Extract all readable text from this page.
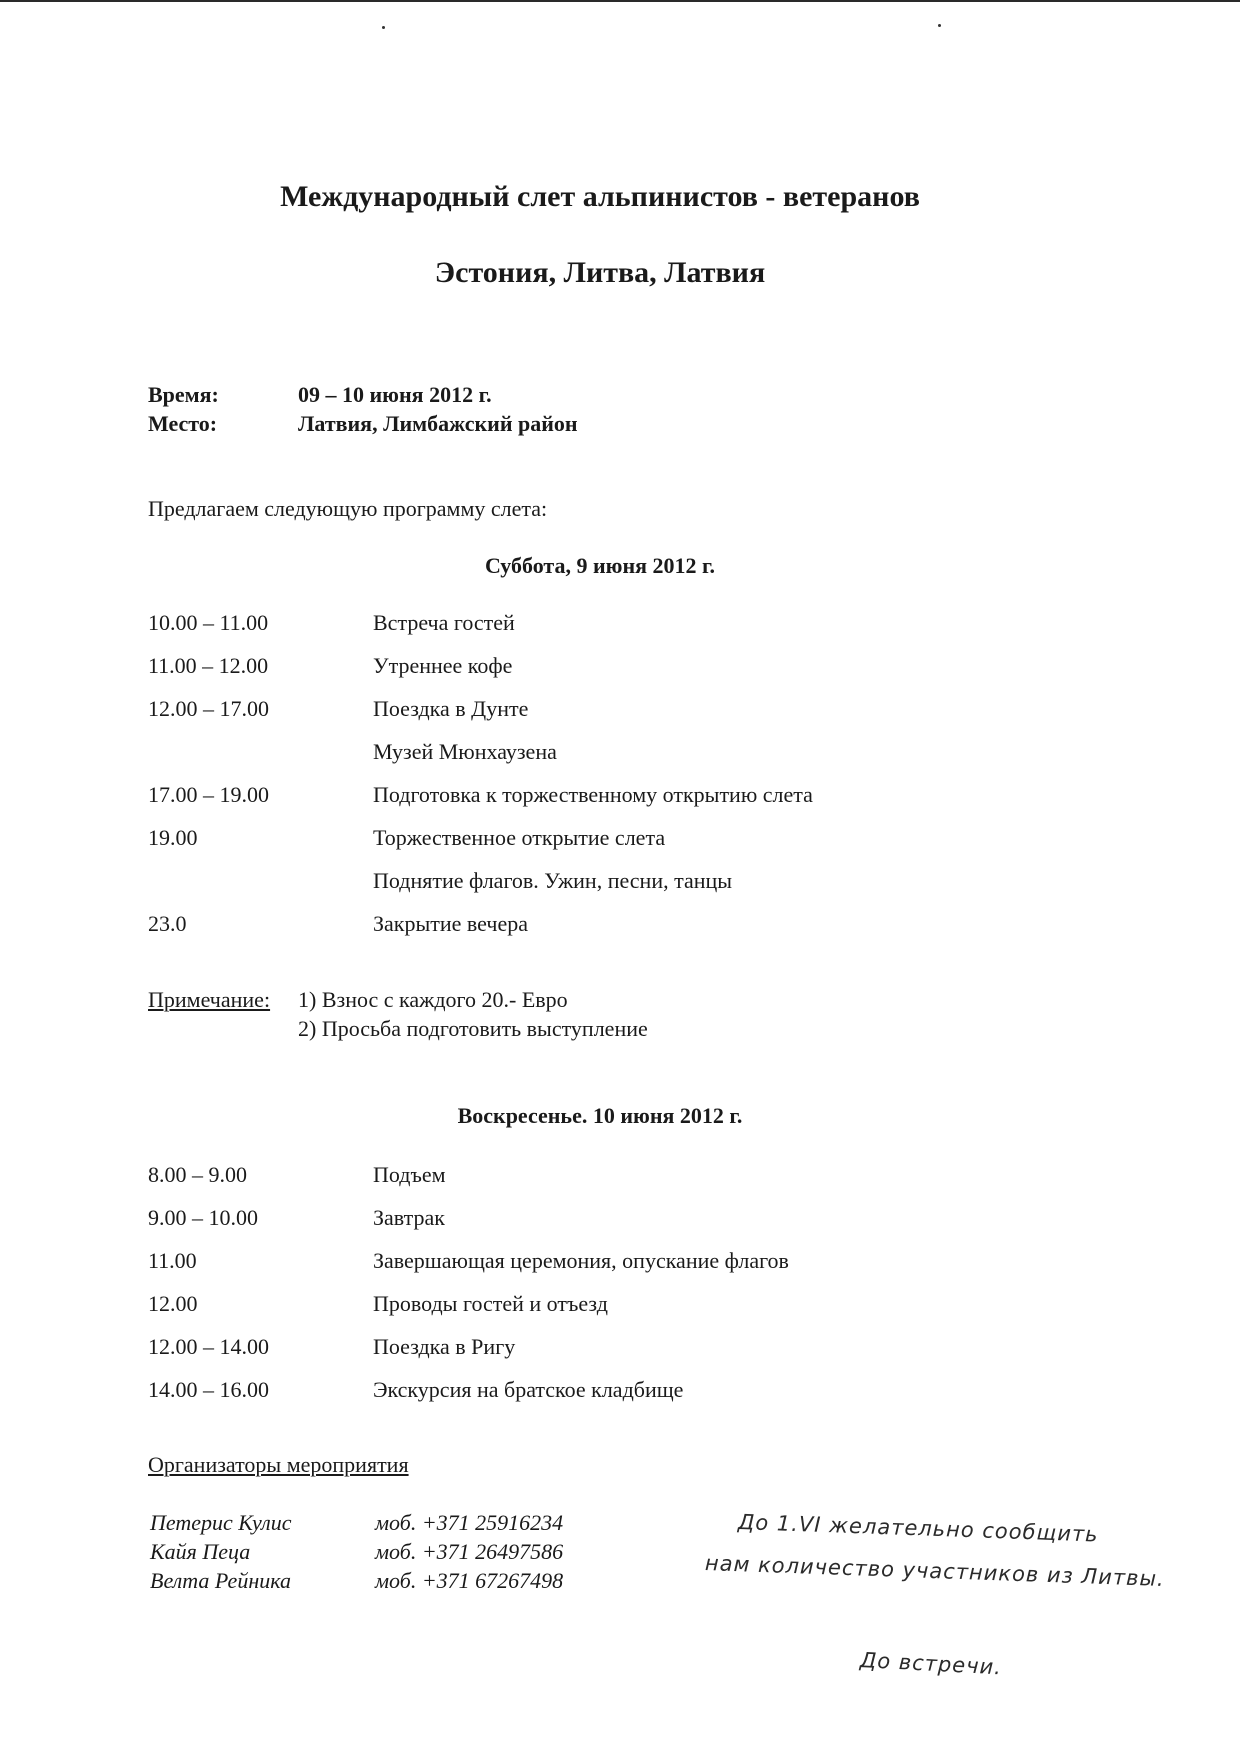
Международный слет альпинистов - ветеранов
Эстония, Литва, Латвия
Время:	09 – 10 июня 2012 г.
Место:	Латвия, Лимбажский район
Предлагаем следующую программу слета:
Суббота, 9 июня 2012 г.
10.00 – 11.00	Встреча гостей
11.00 – 12.00	Утреннее кофе
12.00 – 17.00	Поездка в Дунте
Музей Мюнхаузена
17.00 – 19.00	Подготовка к торжественному открытию слета
19.00	Торжественное открытие слета
Поднятие флагов. Ужин, песни, танцы
23.0	Закрытие вечера
Примечание: 1) Взнос с каждого 20.- Евро
2) Просьба подготовить выступление
Воскресенье. 10 июня 2012 г.
8.00 – 9.00	Подъем
9.00 – 10.00	Завтрак
11.00	Завершающая церемония, опускание флагов
12.00	Проводы гостей и отъезд
12.00 – 14.00	Поездка в Ригу
14.00 – 16.00	Экскурсия на братское кладбище
Организаторы мероприятия
Петерис Кулис	моб. +371 25916234
Кайя Пеца	моб. +371 26497586
Велта Рейника	моб. +371 67267498
До 1.VI желательно сообщить
нам количество участников из Литвы.
До встречи.
